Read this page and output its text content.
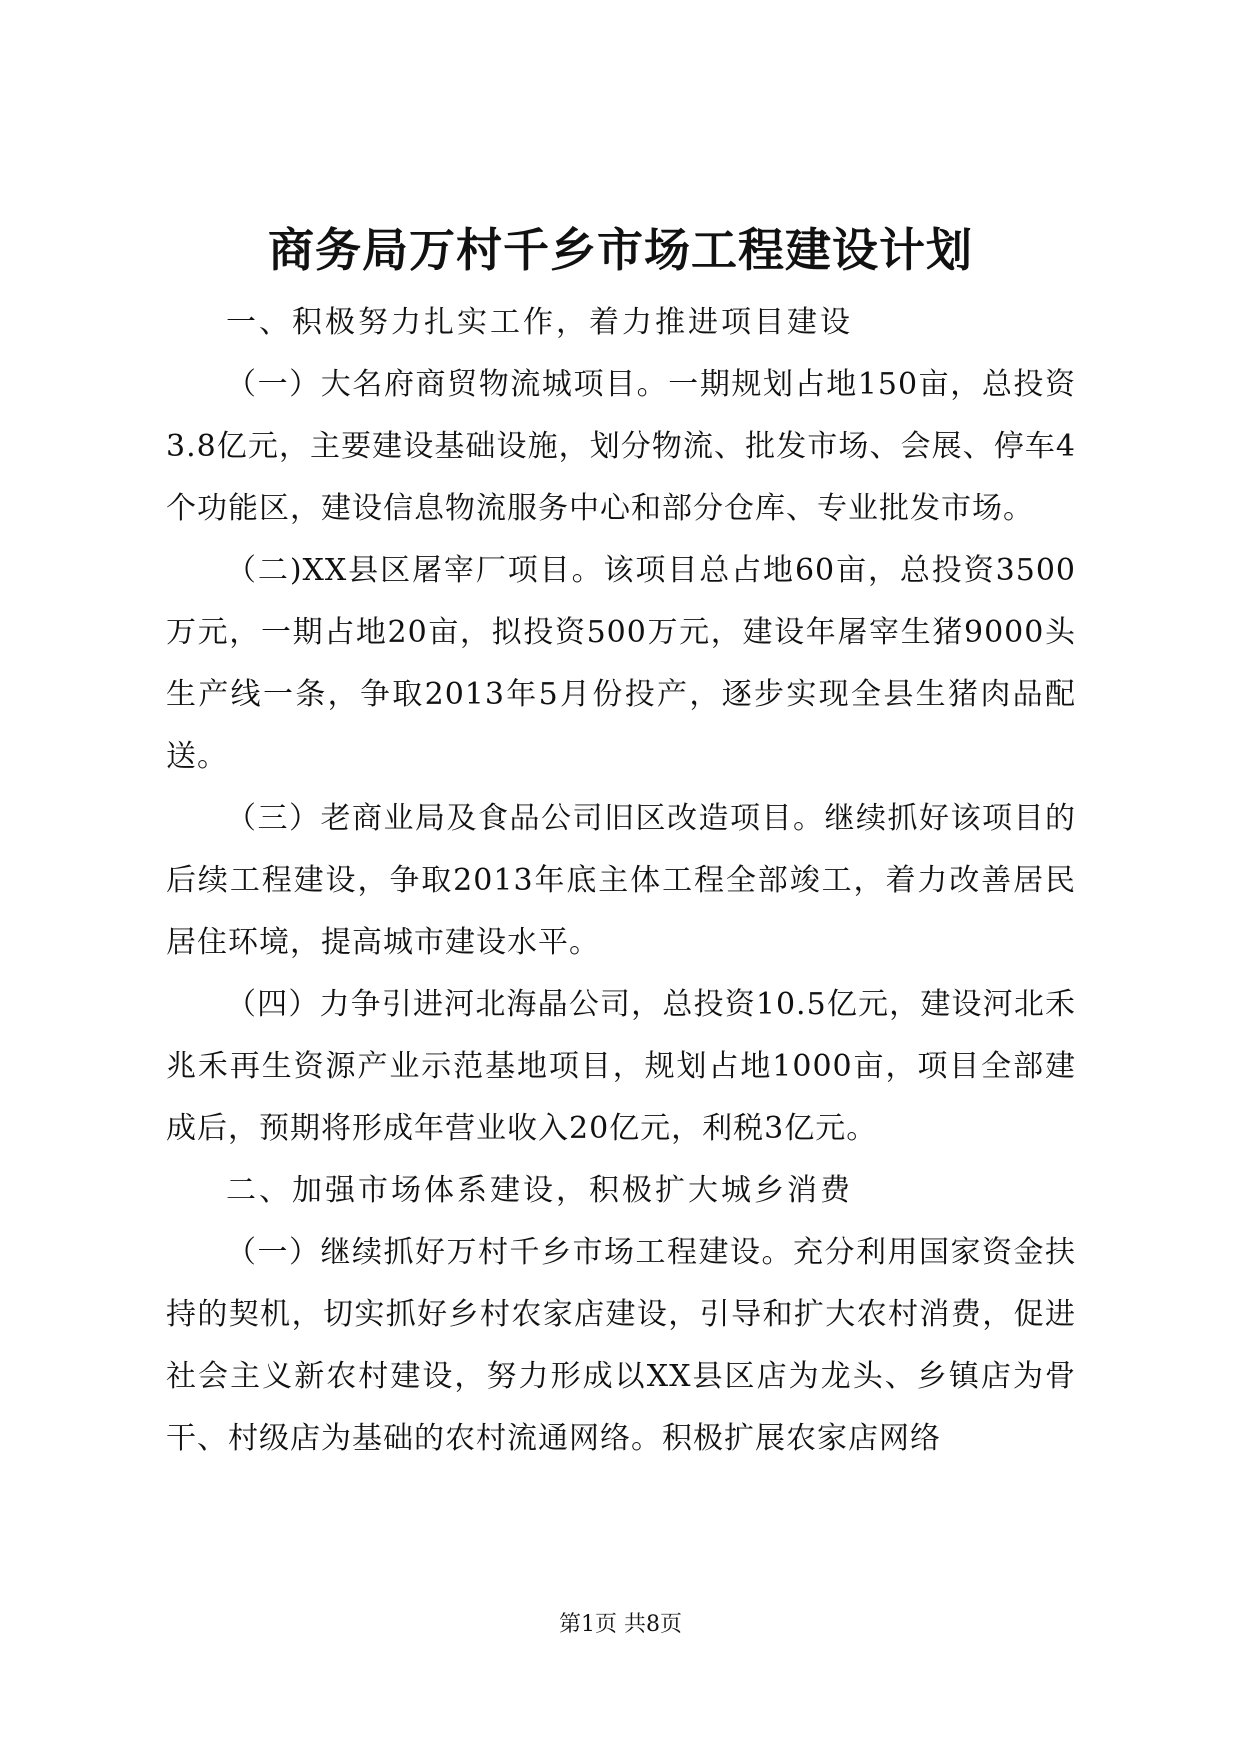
商务局万村千乡市场工程建设计划

一、积极努力扎实工作，着力推进项目建设

（一）大名府商贸物流城项目。一期规划占地150亩，总投资3.8亿元，主要建设基础设施，划分物流、批发市场、会展、停车4个功能区，建设信息物流服务中心和部分仓库、专业批发市场。

（二)XX县区屠宰厂项目。该项目总占地60亩，总投资3500万元，一期占地20亩，拟投资500万元，建设年屠宰生猪9000头生产线一条，争取2013年5月份投产，逐步实现全县生猪肉品配送。

（三）老商业局及食品公司旧区改造项目。继续抓好该项目的后续工程建设，争取2013年底主体工程全部竣工，着力改善居民居住环境，提高城市建设水平。

（四）力争引进河北海晶公司，总投资10.5亿元，建设河北禾兆禾再生资源产业示范基地项目，规划占地1000亩，项目全部建成后，预期将形成年营业收入20亿元，利税3亿元。

二、加强市场体系建设，积极扩大城乡消费

（一）继续抓好万村千乡市场工程建设。充分利用国家资金扶持的契机，切实抓好乡村农家店建设，引导和扩大农村消费，促进社会主义新农村建设，努力形成以XX县区店为龙头、乡镇店为骨干、村级店为基础的农村流通网络。积极扩展农家店网络

第1页 共8页
